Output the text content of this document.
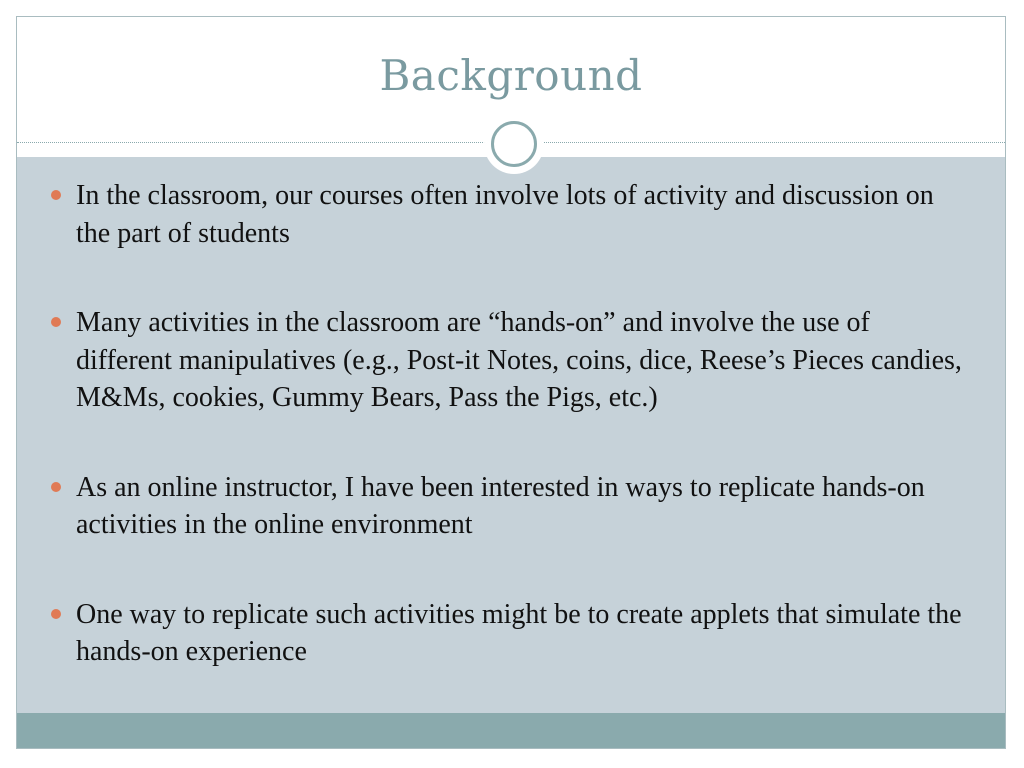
Background
In the classroom, our courses often involve lots of activity and discussion on the part of students
Many activities in the classroom are “hands-on” and involve the use of different manipulatives (e.g., Post-it Notes, coins, dice, Reese’s Pieces candies, M&Ms, cookies, Gummy Bears, Pass the Pigs, etc.)
As an online instructor, I have been interested in ways to replicate hands-on activities in the online environment
One way to replicate such activities might be to create applets that simulate the hands-on experience
